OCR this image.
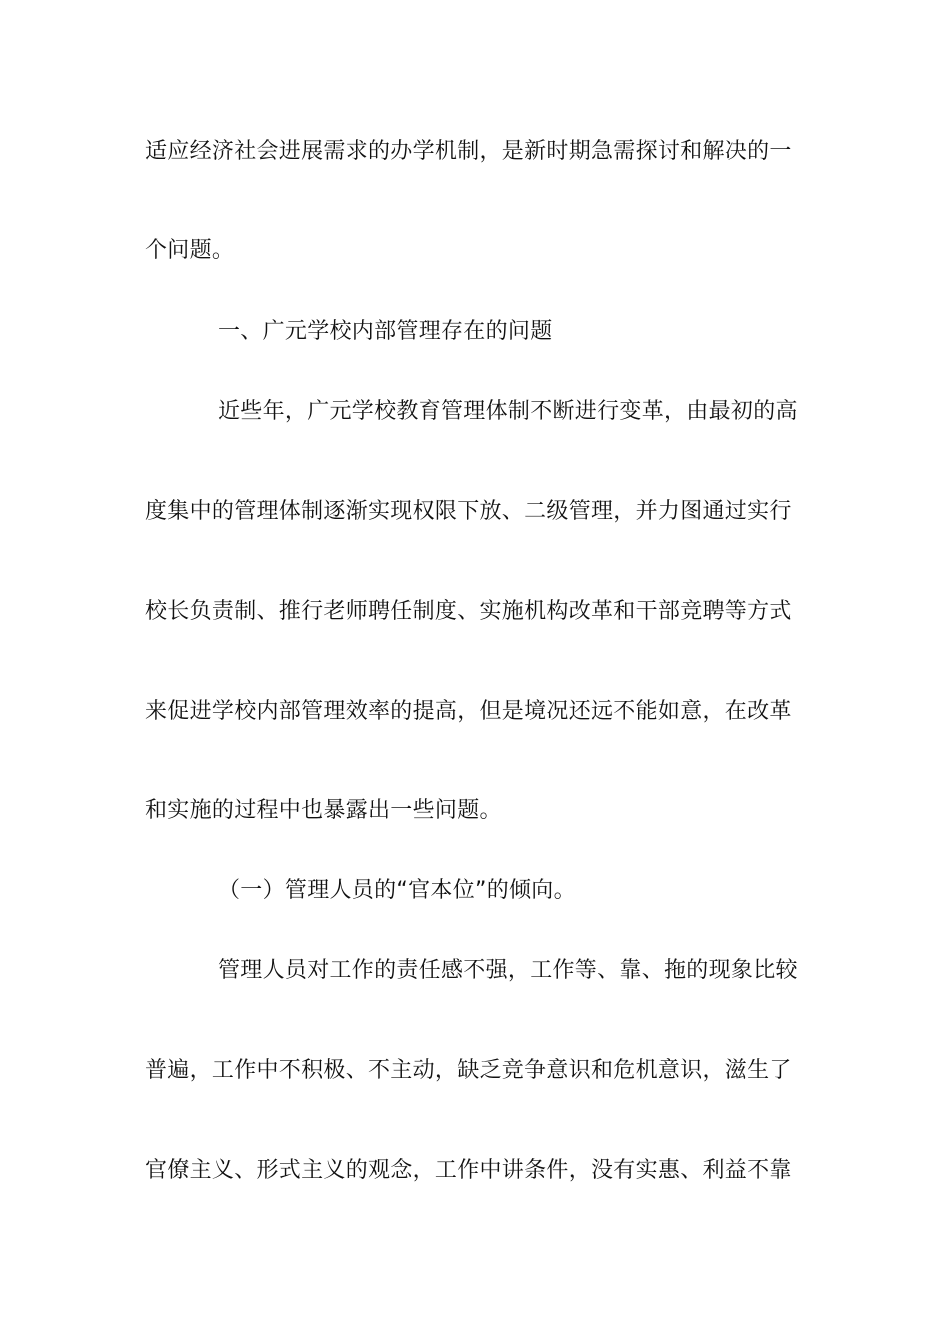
适应经济社会进展需求的办学机制，是新时期急需探讨和解决的一
个问题。
一、广元学校内部管理存在的问题
近些年，广元学校教育管理体制不断进行变革，由最初的高
度集中的管理体制逐渐实现权限下放、二级管理，并力图通过实行
校长负责制、推行老师聘任制度、实施机构改革和干部竞聘等方式
来促进学校内部管理效率的提高，但是境况还远不能如意，在改革
和实施的过程中也暴露出一些问题。
（一）管理人员的“官本位”的倾向。
管理人员对工作的责任感不强，工作等、靠、拖的现象比较
普遍，工作中不积极、不主动，缺乏竞争意识和危机意识，滋生了
官僚主义、形式主义的观念，工作中讲条件，没有实惠、利益不靠
